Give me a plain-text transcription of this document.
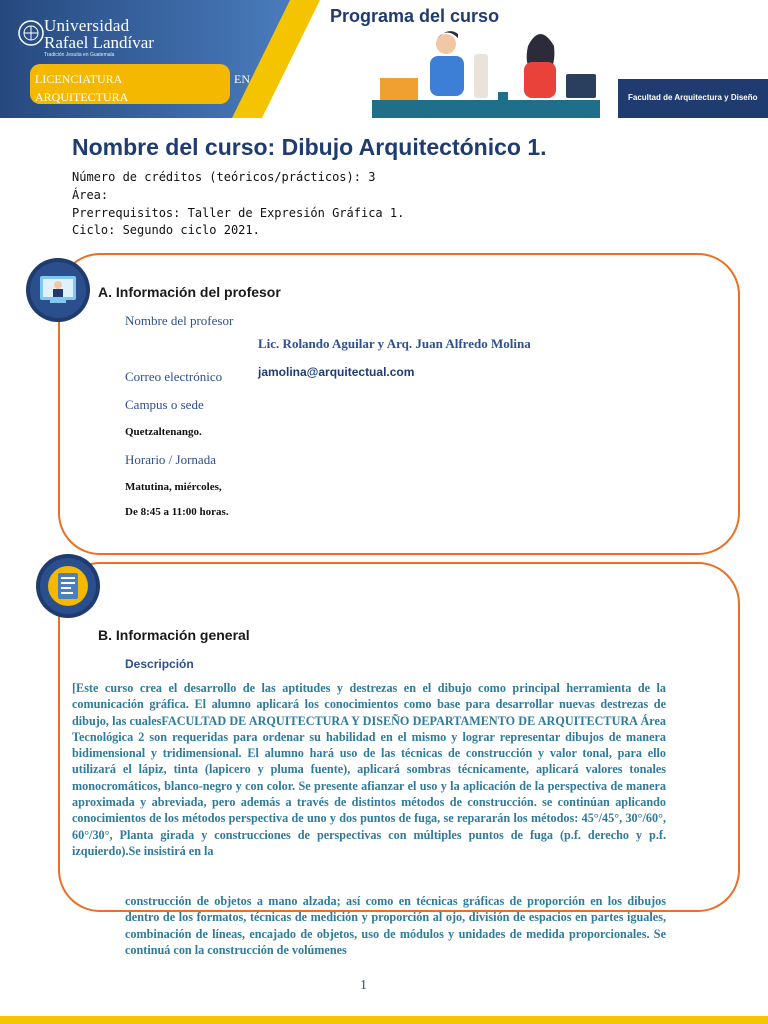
Universidad
Rafael Landívar
Tradición Jesuita en Guatemala
Programa del curso
LICENCIATURA	EN
ARQUITECTURA	Facultad de Arquitectura y Diseño
Nombre del curso: Dibujo Arquitectónico 1.
Número de créditos (teóricos/prácticos): 3
Área:
Prerrequisitos: Taller de Expresión Gráfica 1.
Ciclo: Segundo ciclo 2021.
A. Información del profesor
Nombre del profesor
Lic. Rolando Aguilar y Arq. Juan Alfredo Molina
Correo electrónico	jamolina@arquitectual.com
Campus o sede
Quetzaltenango.
Horario / Jornada
Matutina, miércoles,
De 8:45 a 11:00 horas.
B. Información general
Descripción

[Este curso crea el desarrollo de las aptitudes y destrezas en el dibujo como principal herramienta de la comunicación gráfica. El alumno aplicará los conocimientos como base para desarrollar nuevas destrezas de dibujo, las cualesFACULTAD DE ARQUITECTURA Y DISEÑO DEPARTAMENTO DE ARQUITECTURA Área Tecnológica 2 son requeridas para ordenar su habilidad en el mismo y lograr representar dibujos de manera bidimensional y tridimensional. El alumno hará uso de las técnicas de construcción y valor tonal, para ello utilizará el lápiz, tinta (lapicero y pluma fuente), aplicará sombras técnicamente, aplicará valores tonales monocromáticos, blanco-negro y con color. Se presente afianzar el uso y la aplicación de la perspectiva de manera aproximada y abreviada, pero además a través de distintos métodos de construcción. se continúan aplicando conocimientos de los métodos perspectiva de uno y dos puntos de fuga, se repararán los métodos: 45°/45°, 30°/60°, 60°/30°, Planta girada y construcciones de perspectivas con múltiples puntos de fuga (p.f. derecho y p.f. izquierdo).Se insistirá en la

construcción de objetos a mano alzada; así como en técnicas gráficas de proporción en los dibujos dentro de los formatos, técnicas de medición y proporción al ojo, división de espacios en partes iguales, combinación de líneas, encajado de objetos, uso de módulos y unidades de medida proporcionales. Se continuá con la construcción de volúmenes

1
